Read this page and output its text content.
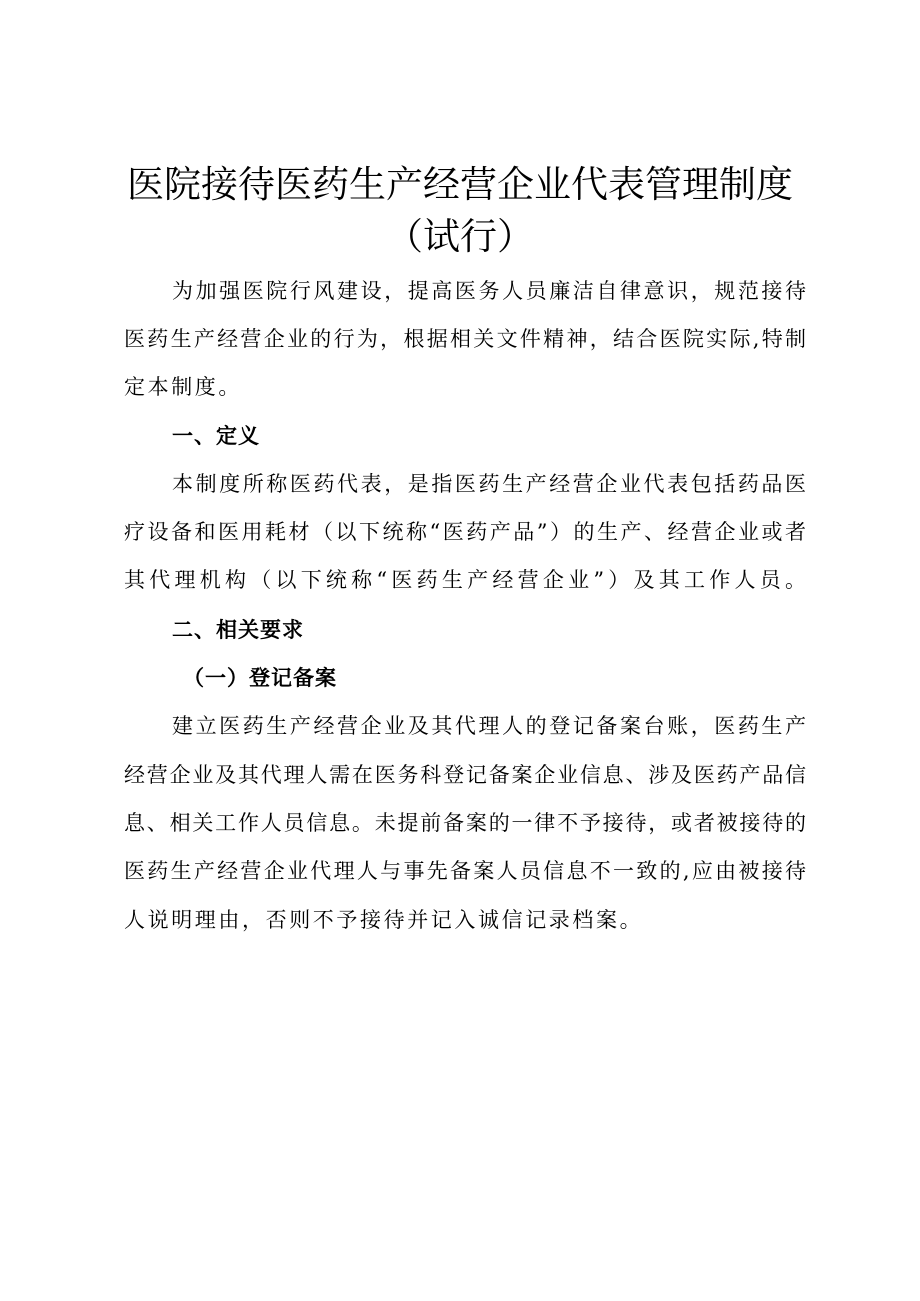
医院接待医药生产经营企业代表管理制度
（试行）

为加强医院行风建设，提高医务人员廉洁自律意识，规范接待

医药生产经营企业的行为，根据相关文件精神，结合医院实际,特制

定本制度。

一、定义

本制度所称医药代表，是指医药生产经营企业代表包括药品医

疗设备和医用耗材（以下统称“医药产品”）的生产、经营企业或者

其代理机构（以下统称“医药生产经营企业”）及其工作人员。

二、相关要求
（一）登记备案

建立医药生产经营企业及其代理人的登记备案台账，医药生产

经营企业及其代理人需在医务科登记备案企业信息、涉及医药产品信

息、相关工作人员信息。未提前备案的一律不予接待，或者被接待的

医药生产经营企业代理人与事先备案人员信息不一致的,应由被接待

人说明理由，否则不予接待并记入诚信记录档案。
